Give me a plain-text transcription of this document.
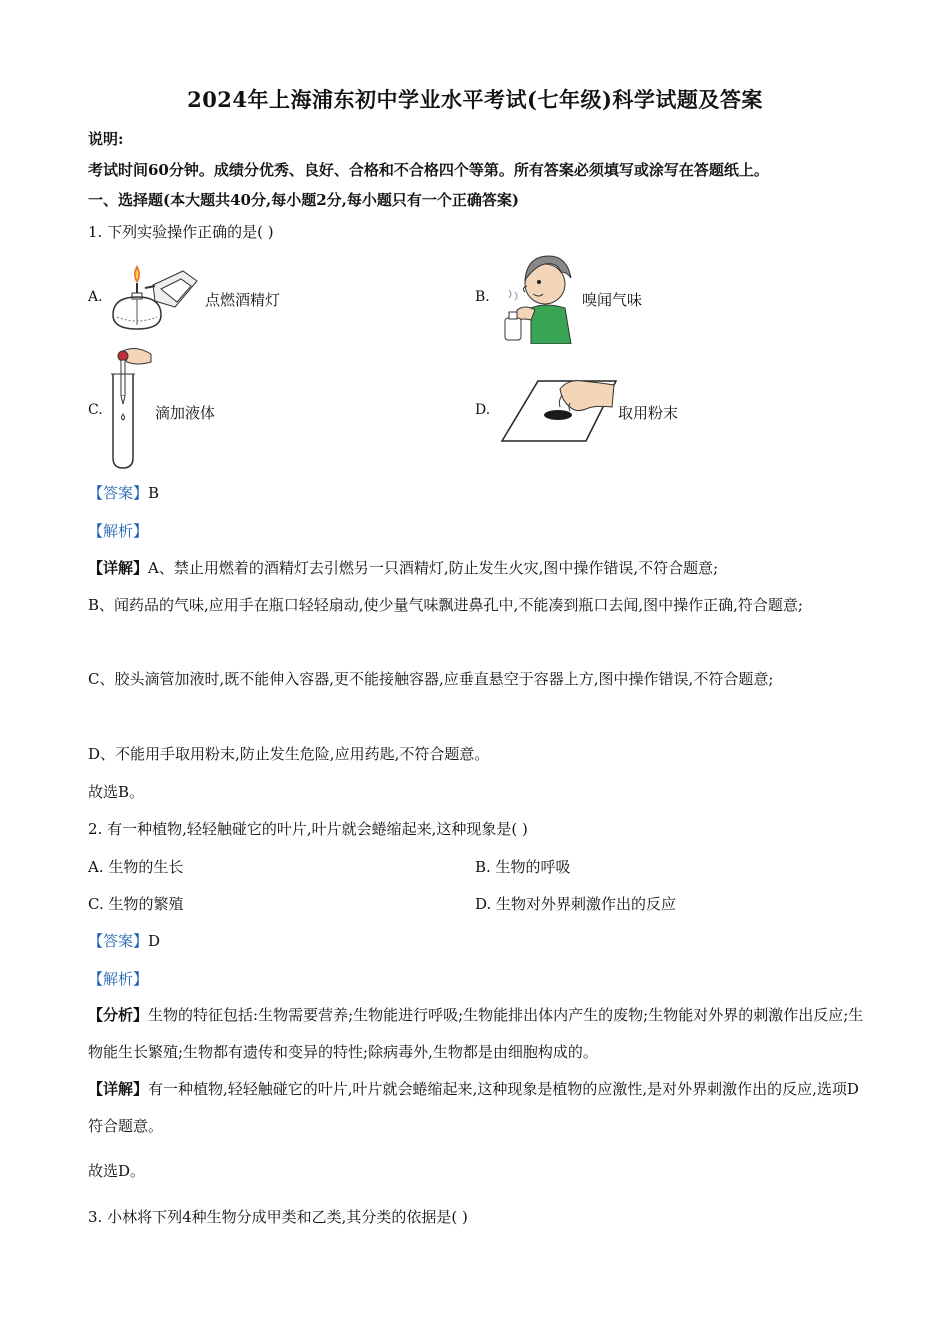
2024年上海浦东初中学业水平考试(七年级)科学试题及答案
说明:
考试时间60分钟。成绩分优秀、良好、合格和不合格四个等第。所有答案必须填写或涂写在答题纸上。
一、选择题(本大题共40分,每小题2分,每小题只有一个正确答案)
1. 下列实验操作正确的是( )
A.	点燃酒精灯	B.	嗅闻气味
C.	滴加液体	D.	取用粉末
【答案】B
【解析】
【详解】A、禁止用燃着的酒精灯去引燃另一只酒精灯,防止发生火灾,图中操作错误,不符合题意;
B、闻药品的气味,应用手在瓶口轻轻扇动,使少量气味飘进鼻孔中,不能凑到瓶口去闻,图中操作正确,符合题意;
C、胶头滴管加液时,既不能伸入容器,更不能接触容器,应垂直悬空于容器上方,图中操作错误,不符合题意;
D、不能用手取用粉末,防止发生危险,应用药匙,不符合题意。
故选B。
2. 有一种植物,轻轻触碰它的叶片,叶片就会蜷缩起来,这种现象是( )
A. 生物的生长	B. 生物的呼吸
C. 生物的繁殖	D. 生物对外界刺激作出的反应
【答案】D
【解析】
【分析】生物的特征包括:生物需要营养;生物能进行呼吸;生物能排出体内产生的废物;生物能对外界的刺激作出反应;生物能生长繁殖;生物都有遗传和变异的特性;除病毒外,生物都是由细胞构成的。
【详解】有一种植物,轻轻触碰它的叶片,叶片就会蜷缩起来,这种现象是植物的应激性,是对外界刺激作出的反应,选项D符合题意。
故选D。
3. 小林将下列4种生物分成甲类和乙类,其分类的依据是( )
